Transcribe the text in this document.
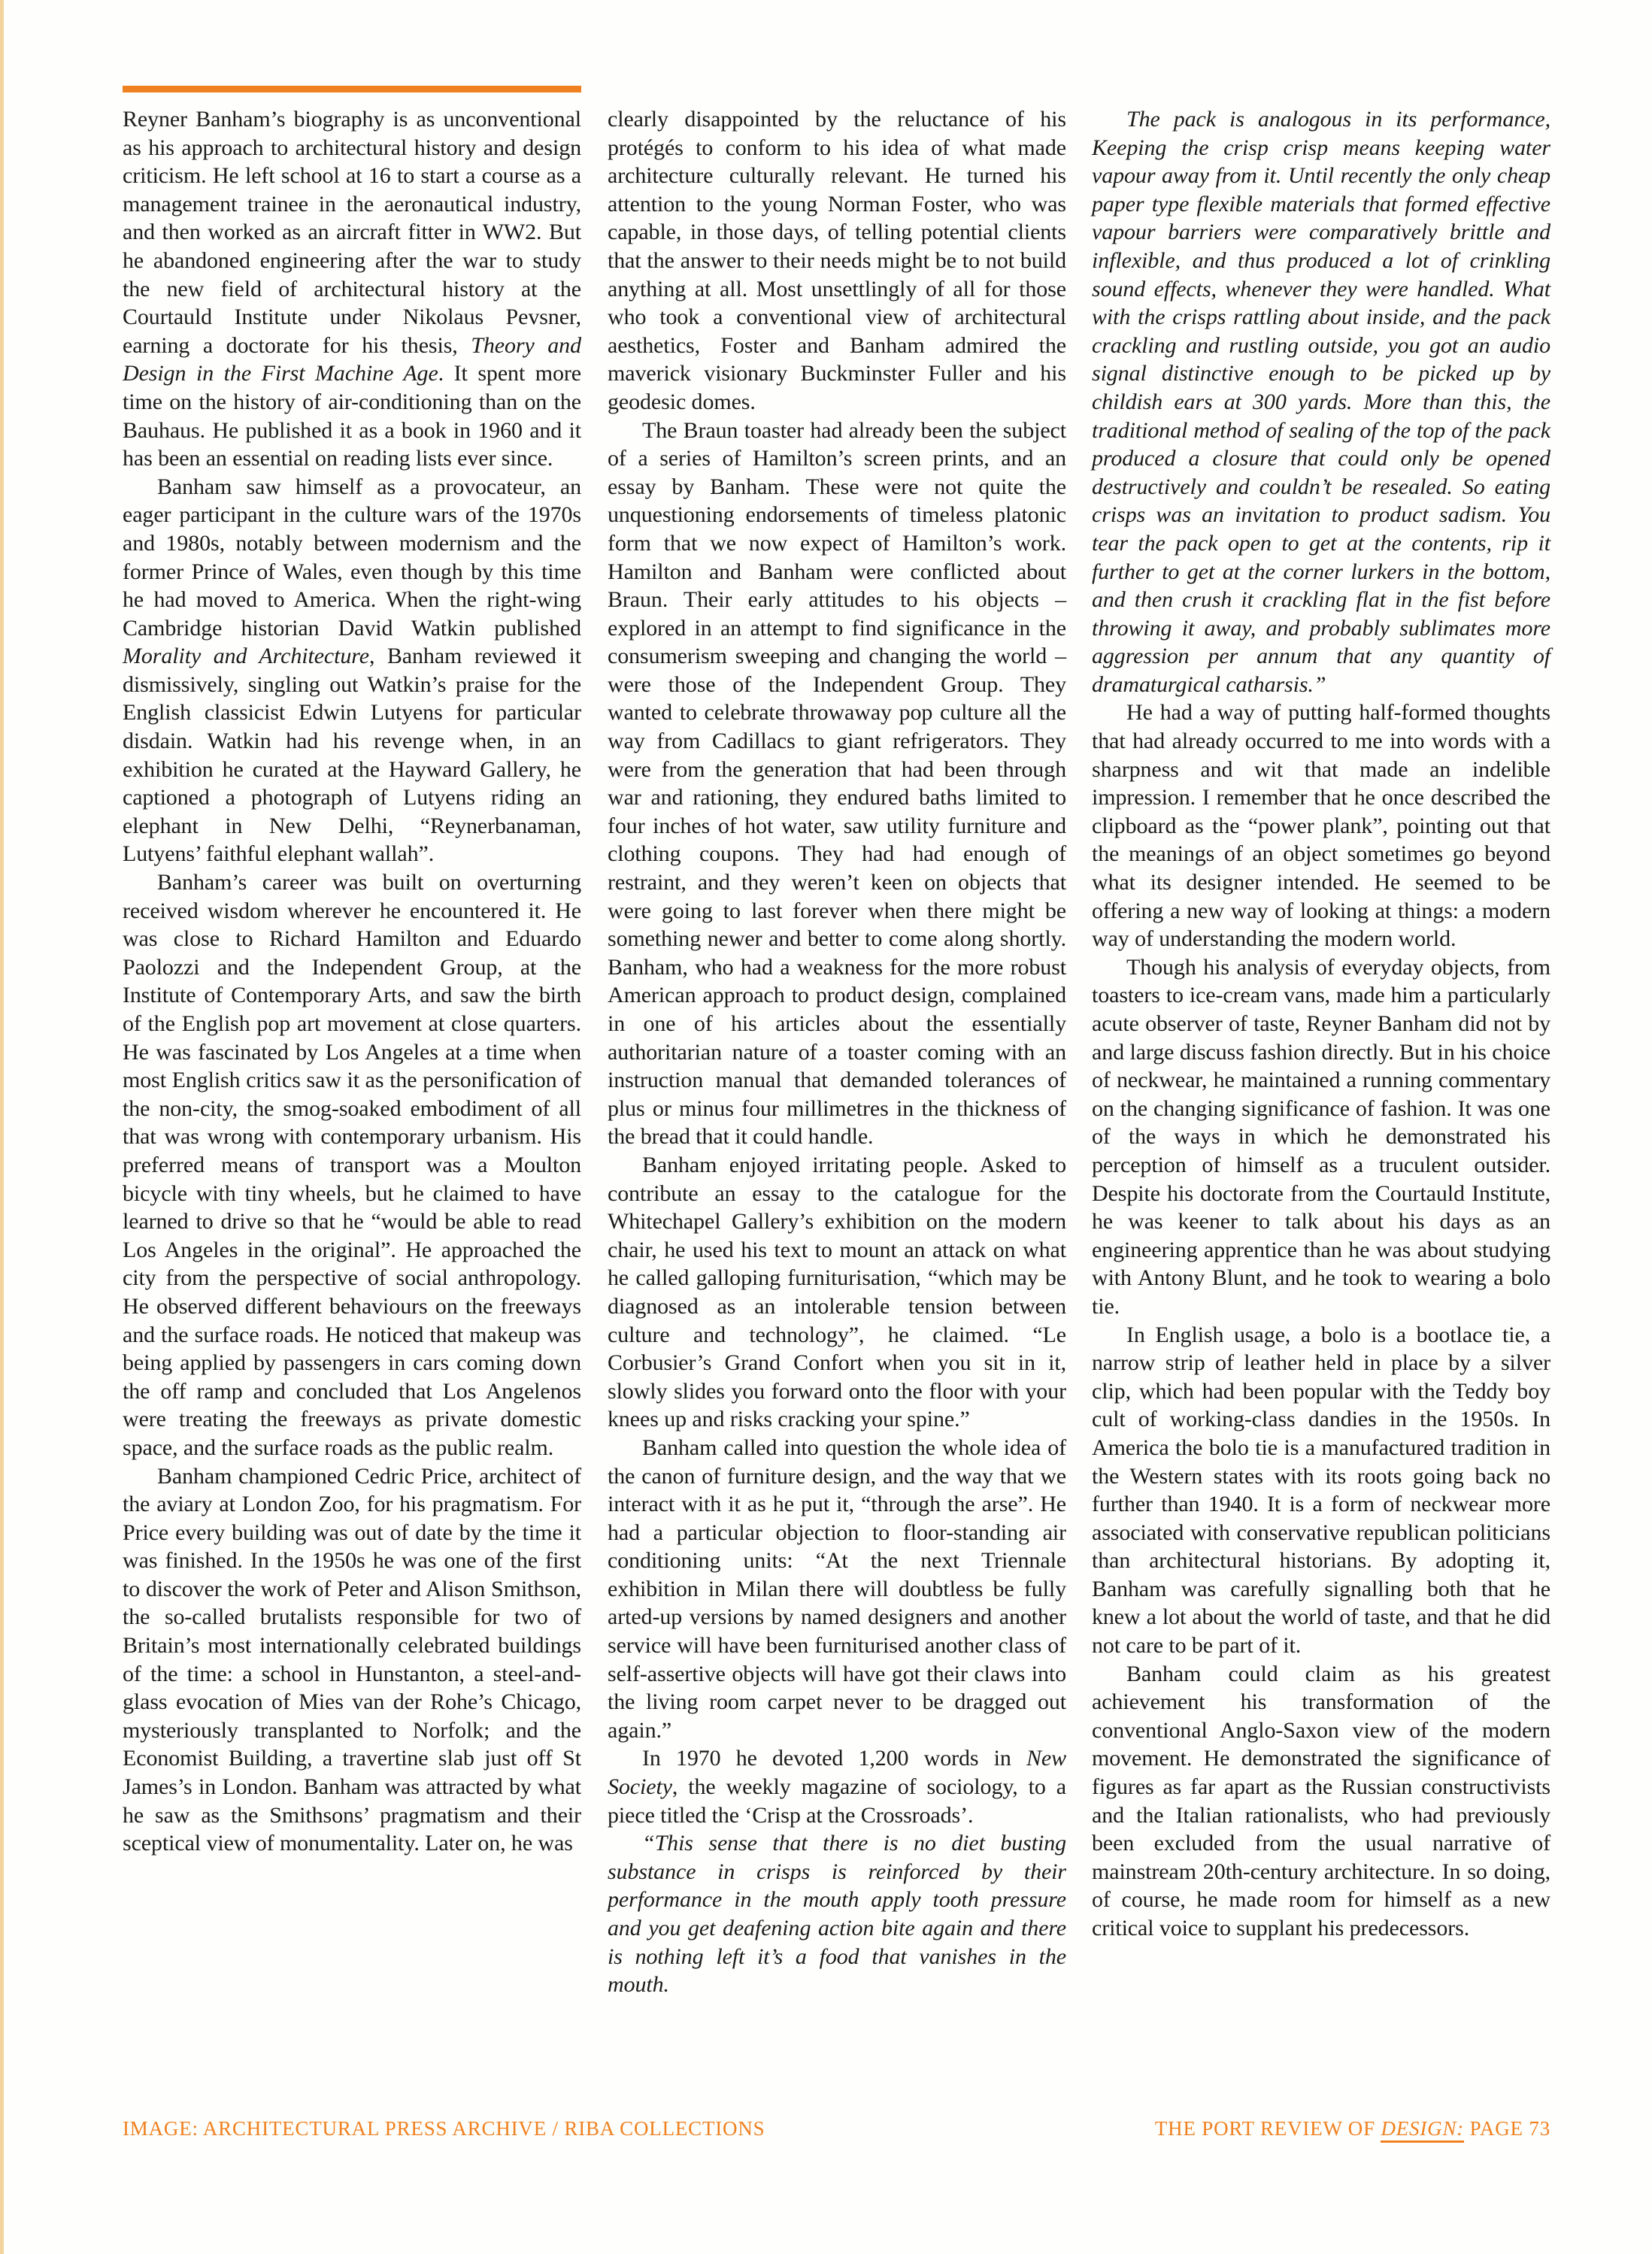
Reyner Banham’s biography is as unconventional as his approach to architectural history and design criticism. He left school at 16 to start a course as a management trainee in the aeronautical industry, and then worked as an aircraft fitter in WW2. But he abandoned engineering after the war to study the new field of architectural history at the Courtauld Institute under Nikolaus Pevsner, earning a doctorate for his thesis, Theory and Design in the First Machine Age. It spent more time on the history of air-conditioning than on the Bauhaus. He published it as a book in 1960 and it has been an essential on reading lists ever since.

Banham saw himself as a provocateur, an eager participant in the culture wars of the 1970s and 1980s, notably between modernism and the former Prince of Wales, even though by this time he had moved to America. When the right-wing Cambridge historian David Watkin published Morality and Architecture, Banham reviewed it dismissively, singling out Watkin’s praise for the English classicist Edwin Lutyens for particular disdain. Watkin had his revenge when, in an exhibition he curated at the Hayward Gallery, he captioned a photograph of Lutyens riding an elephant in New Delhi, “Reynerbanaman, Lutyens’ faithful elephant wallah”.

Banham’s career was built on overturning received wisdom wherever he encountered it. He was close to Richard Hamilton and Eduardo Paolozzi and the Independent Group, at the Institute of Contemporary Arts, and saw the birth of the English pop art movement at close quarters. He was fascinated by Los Angeles at a time when most English critics saw it as the personification of the non-city, the smog-soaked embodiment of all that was wrong with contemporary urbanism. His preferred means of transport was a Moulton bicycle with tiny wheels, but he claimed to have learned to drive so that he “would be able to read Los Angeles in the original”. He approached the city from the perspective of social anthropology. He observed different behaviours on the freeways and the surface roads. He noticed that makeup was being applied by passengers in cars coming down the off ramp and concluded that Los Angelenos were treating the freeways as private domestic space, and the surface roads as the public realm.

Banham championed Cedric Price, architect of the aviary at London Zoo, for his pragmatism. For Price every building was out of date by the time it was finished. In the 1950s he was one of the first to discover the work of Peter and Alison Smithson, the so-called brutalists responsible for two of Britain’s most internationally celebrated buildings of the time: a school in Hunstanton, a steel-and-glass evocation of Mies van der Rohe’s Chicago, mysteriously transplanted to Norfolk; and the Economist Building, a travertine slab just off St James’s in London. Banham was attracted by what he saw as the Smithsons’ pragmatism and their sceptical view of monumentality. Later on, he was

clearly disappointed by the reluctance of his protégés to conform to his idea of what made architecture culturally relevant. He turned his attention to the young Norman Foster, who was capable, in those days, of telling potential clients that the answer to their needs might be to not build anything at all. Most unsettlingly of all for those who took a conventional view of architectural aesthetics, Foster and Banham admired the maverick visionary Buckminster Fuller and his geodesic domes.

The Braun toaster had already been the subject of a series of Hamilton’s screen prints, and an essay by Banham. These were not quite the unquestioning endorsements of timeless platonic form that we now expect of Hamilton’s work. Hamilton and Banham were conflicted about Braun. Their early attitudes to his objects – explored in an attempt to find significance in the consumerism sweeping and changing the world – were those of the Independent Group. They wanted to celebrate throwaway pop culture all the way from Cadillacs to giant refrigerators. They were from the generation that had been through war and rationing, they endured baths limited to four inches of hot water, saw utility furniture and clothing coupons. They had had enough of restraint, and they weren’t keen on objects that were going to last forever when there might be something newer and better to come along shortly. Banham, who had a weakness for the more robust American approach to product design, complained in one of his articles about the essentially authoritarian nature of a toaster coming with an instruction manual that demanded tolerances of plus or minus four millimetres in the thickness of the bread that it could handle.

Banham enjoyed irritating people. Asked to contribute an essay to the catalogue for the Whitechapel Gallery’s exhibition on the modern chair, he used his text to mount an attack on what he called galloping furniturisation, “which may be diagnosed as an intolerable tension between culture and technology”, he claimed. “Le Corbusier’s Grand Confort when you sit in it, slowly slides you forward onto the floor with your knees up and risks cracking your spine.”

Banham called into question the whole idea of the canon of furniture design, and the way that we interact with it as he put it, “through the arse”. He had a particular objection to floor-standing air conditioning units: “At the next Triennale exhibition in Milan there will doubtless be fully arted-up versions by named designers and another service will have been furniturised another class of self-assertive objects will have got their claws into the living room carpet never to be dragged out again.”

In 1970 he devoted 1,200 words in New Society, the weekly magazine of sociology, to a piece titled the ‘Crisp at the Crossroads’.

“This sense that there is no diet busting substance in crisps is reinforced by their performance in the mouth apply tooth pressure and you get deafening action bite again and there is nothing left it’s a food that vanishes in the mouth.

The pack is analogous in its performance, Keeping the crisp crisp means keeping water vapour away from it. Until recently the only cheap paper type flexible materials that formed effective vapour barriers were comparatively brittle and inflexible, and thus produced a lot of crinkling sound effects, whenever they were handled. What with the crisps rattling about inside, and the pack crackling and rustling outside, you got an audio signal distinctive enough to be picked up by childish ears at 300 yards. More than this, the traditional method of sealing of the top of the pack produced a closure that could only be opened destructively and couldn’t be resealed. So eating crisps was an invitation to product sadism. You tear the pack open to get at the contents, rip it further to get at the corner lurkers in the bottom, and then crush it crackling flat in the fist before throwing it away, and probably sublimates more aggression per annum that any quantity of dramaturgical catharsis.”

He had a way of putting half-formed thoughts that had already occurred to me into words with a sharpness and wit that made an indelible impression. I remember that he once described the clipboard as the “power plank”, pointing out that the meanings of an object sometimes go beyond what its designer intended. He seemed to be offering a new way of looking at things: a modern way of understanding the modern world.

Though his analysis of everyday objects, from toasters to ice-cream vans, made him a particularly acute observer of taste, Reyner Banham did not by and large discuss fashion directly. But in his choice of neckwear, he maintained a running commentary on the changing significance of fashion. It was one of the ways in which he demonstrated his perception of himself as a truculent outsider. Despite his doctorate from the Courtauld Institute, he was keener to talk about his days as an engineering apprentice than he was about studying with Antony Blunt, and he took to wearing a bolo tie.

In English usage, a bolo is a bootlace tie, a narrow strip of leather held in place by a silver clip, which had been popular with the Teddy boy cult of working-class dandies in the 1950s. In America the bolo tie is a manufactured tradition in the Western states with its roots going back no further than 1940. It is a form of neckwear more associated with conservative republican politicians than architectural historians. By adopting it, Banham was carefully signalling both that he knew a lot about the world of taste, and that he did not care to be part of it.

Banham could claim as his greatest achievement his transformation of the conventional Anglo-Saxon view of the modern movement. He demonstrated the significance of figures as far apart as the Russian constructivists and the Italian rationalists, who had previously been excluded from the usual narrative of mainstream 20th-century architecture. In so doing, of course, he made room for himself as a new critical voice to supplant his predecessors.

IMAGE: ARCHITECTURAL PRESS ARCHIVE / RIBA COLLECTIONS	THE PORT REVIEW OF DESIGN: PAGE 73
